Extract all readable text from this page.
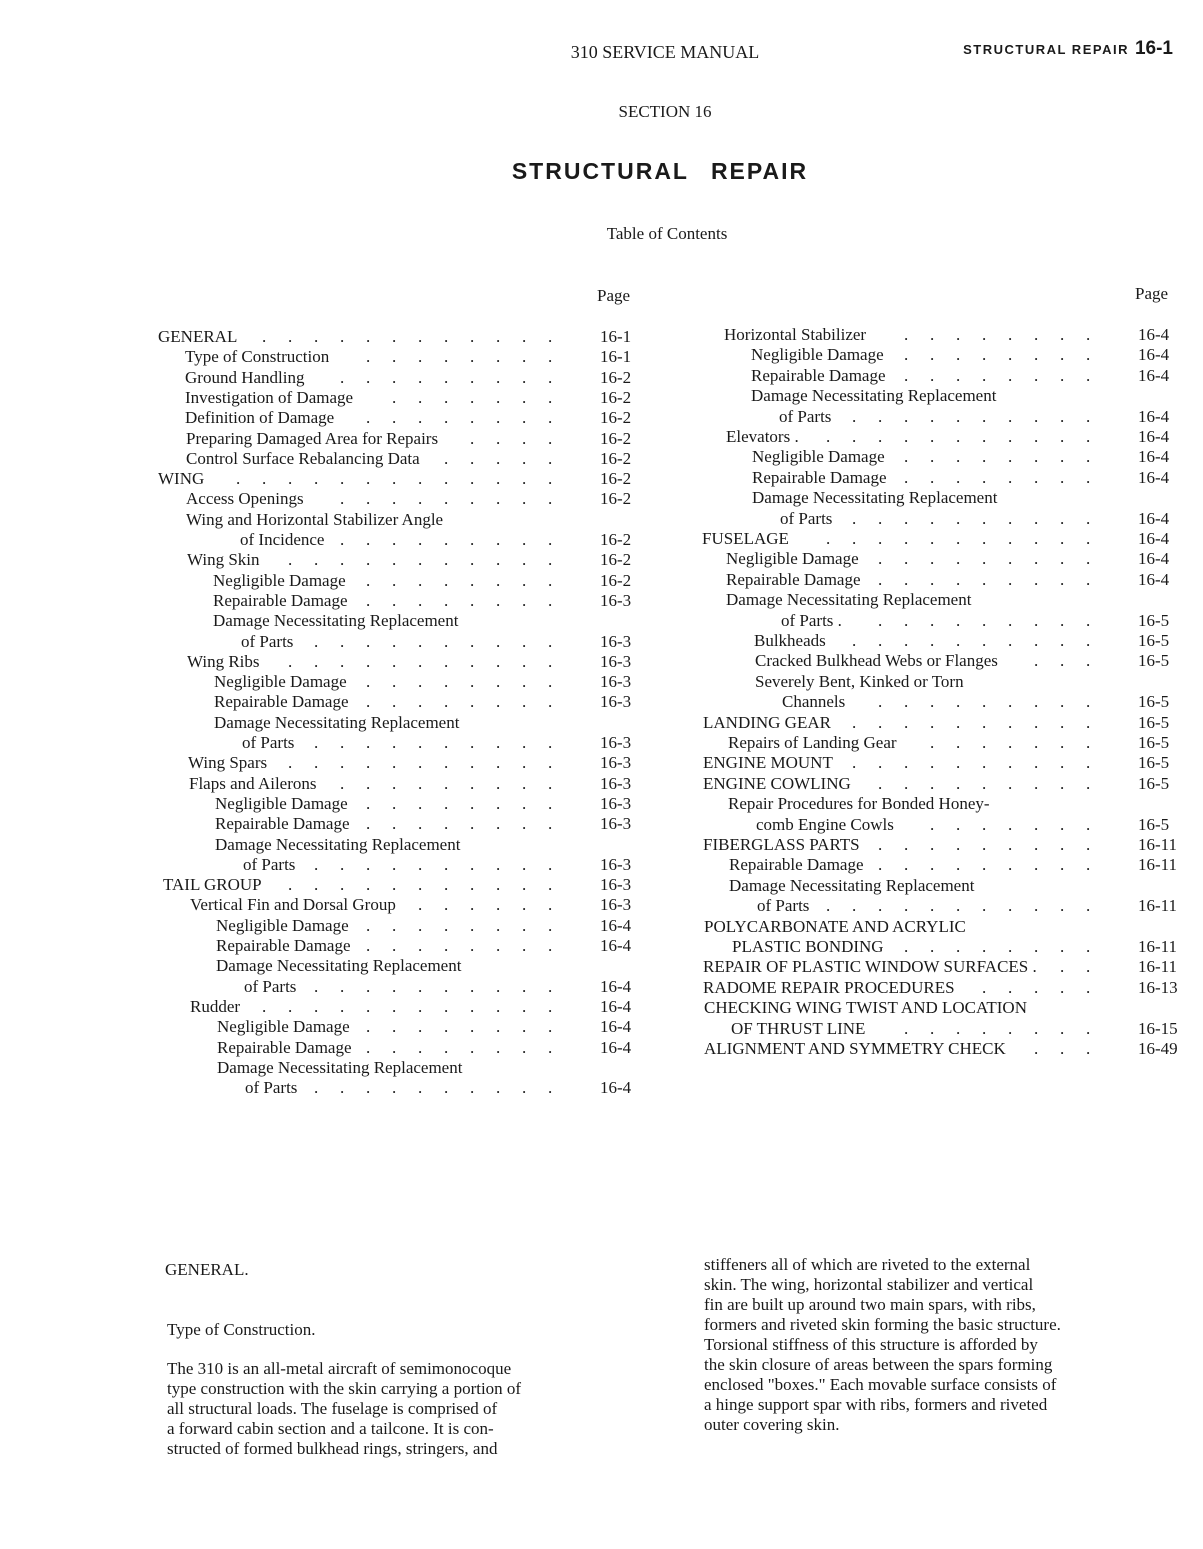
310 SERVICE MANUAL	STRUCTURAL REPAIR 16-1
SECTION 16
STRUCTURAL REPAIR
Table of Contents
Page	Page
GENERAL . . . . . . . . . . . .	16-1
Type of Construction . . . . . . . .	16-1
Ground Handling . . . . . . . . .	16-2
Investigation of Damage . . . . . . .	16-2
Definition of Damage . . . . . . . .	16-2
Preparing Damaged Area for Repairs . . . .	16-2
Control Surface Rebalancing Data . . . . .	16-2
WING . . . . . . . . . . . . .	16-2
Access Openings . . . . . . . . .	16-2
Wing and Horizontal Stabilizer Angle
of Incidence . . . . . . . . .	16-2
Wing Skin . . . . . . . . . . .	16-2
Negligible Damage . . . . . . . .	16-2
Repairable Damage . . . . . . . .	16-3
Damage Necessitating Replacement
of Parts . . . . . . . . . .	16-3
Wing Ribs . . . . . . . . . . .	16-3
Negligible Damage . . . . . . . .	16-3
Repairable Damage . . . . . . . .	16-3
Damage Necessitating Replacement
of Parts . . . . . . . . . .	16-3
Wing Spars . . . . . . . . . . .	16-3
Flaps and Ailerons . . . . . . . . .	16-3
Negligible Damage . . . . . . . .	16-3
Repairable Damage . . . . . . . .	16-3
Damage Necessitating Replacement
of Parts . . . . . . . . . .	16-3
TAIL GROUP . . . . . . . . . . .	16-3
Vertical Fin and Dorsal Group . . . . . .	16-3
Negligible Damage . . . . . . . .	16-4
Repairable Damage . . . . . . . .	16-4
Damage Necessitating Replacement
of Parts . . . . . . . . . .	16-4
Rudder . . . . . . . . . . . .	16-4
Negligible Damage . . . . . . . .	16-4
Repairable Damage . . . . . . . .	16-4
Damage Necessitating Replacement
of Parts . . . . . . . . . .	16-4
Horizontal Stabilizer . . . . . . . .	16-4
Negligible Damage . . . . . . . .	16-4
Repairable Damage . . . . . . . .	16-4
Damage Necessitating Replacement
of Parts . . . . . . . . . .	16-4
Elevators . . . . . . . . . . . .	16-4
Negligible Damage . . . . . . . .	16-4
Repairable Damage . . . . . . . .	16-4
Damage Necessitating Replacement
of Parts . . . . . . . . . .	16-4
FUSELAGE . . . . . . . . . . .	16-4
Negligible Damage . . . . . . . . .	16-4
Repairable Damage . . . . . . . . .	16-4
Damage Necessitating Replacement
of Parts . . . . . . . . . .	16-5
Bulkheads . . . . . . . . . .	16-5
Cracked Bulkhead Webs or Flanges . . .	16-5
Severely Bent, Kinked or Torn
Channels . . . . . . . . .	16-5
LANDING GEAR . . . . . . . . . .	16-5
Repairs of Landing Gear . . . . . . .	16-5
ENGINE MOUNT . . . . . . . . . .	16-5
ENGINE COWLING . . . . . . . . .	16-5
Repair Procedures for Bonded Honey-
comb Engine Cowls . . . . . . .	16-5
FIBERGLASS PARTS . . . . . . . . .	16-11
Repairable Damage . . . . . . . . .	16-11
Damage Necessitating Replacement
of Parts . . . . . . . . . . .	16-11
POLYCARBONATE AND ACRYLIC
PLASTIC BONDING . . . . . . . .	16-11
REPAIR OF PLASTIC WINDOW SURFACES . . .	16-11
RADOME REPAIR PROCEDURES . . . . .	16-13
CHECKING WING TWIST AND LOCATION
OF THRUST LINE . . . . . . . .	16-15
ALIGNMENT AND SYMMETRY CHECK . . .	16-49
GENERAL.
Type of Construction.
The 310 is an all-metal aircraft of semimonocoque
type construction with the skin carrying a portion of
all structural loads. The fuselage is comprised of
a forward cabin section and a tailcone. It is con-
structed of formed bulkhead rings, stringers, and
stiffeners all of which are riveted to the external
skin. The wing, horizontal stabilizer and vertical
fin are built up around two main spars, with ribs,
formers and riveted skin forming the basic structure.
Torsional stiffness of this structure is afforded by
the skin closure of areas between the spars forming
enclosed "boxes." Each movable surface consists of
a hinge support spar with ribs, formers and riveted
outer covering skin.
